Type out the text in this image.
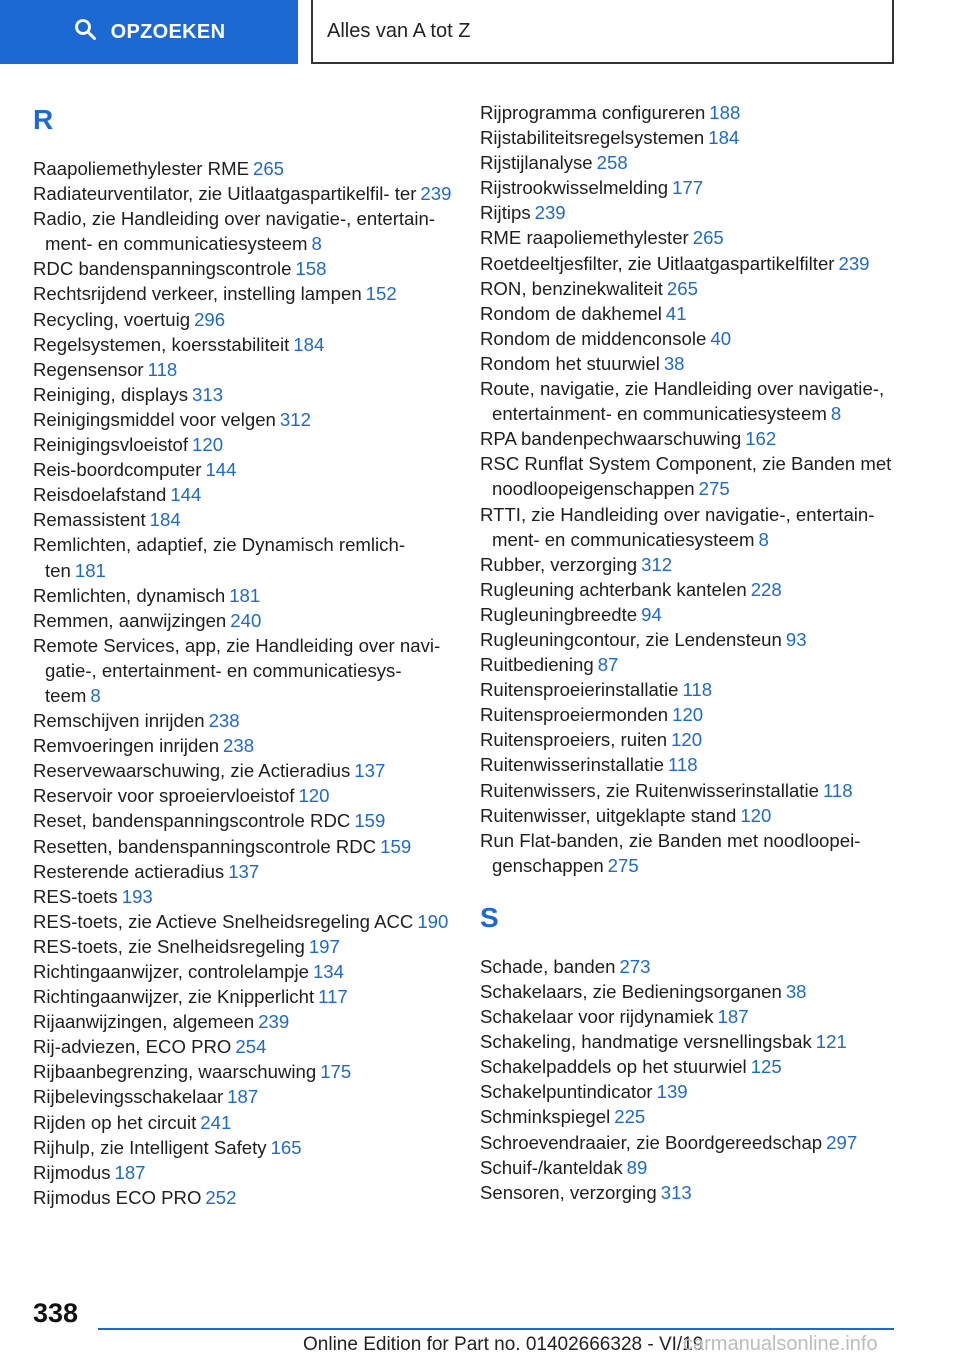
OPZOEKEN	Alles van A tot Z
R
Raapoliemethylester RME 265
Radiateurventilator, zie Uitlaatgaspartikelfil‐ ter 239
Radio, zie Handleiding over navigatie-, entertain‐ ment- en communicatiesysteem 8
RDC bandenspanningscontrole 158
Rechtsrijdend verkeer, instelling lampen 152
Recycling, voertuig 296
Regelsystemen, koersstabiliteit 184
Regensensor 118
Reiniging, displays 313
Reinigingsmiddel voor velgen 312
Reinigingsvloeistof 120
Reis-boordcomputer 144
Reisdoelafstand 144
Remassistent 184
Remlichten, adaptief, zie Dynamisch remlich‐ ten 181
Remlichten, dynamisch 181
Remmen, aanwijzingen 240
Remote Services, app, zie Handleiding over navi‐ gatie-, entertainment- en communicatiesys‐ teem 8
Remschijven inrijden 238
Remvoeringen inrijden 238
Reservewaarschuwing, zie Actieradius 137
Reservoir voor sproeiervloeistof 120
Reset, bandenspanningscontrole RDC 159
Resetten, bandenspanningscontrole RDC 159
Resterende actieradius 137
RES-toets 193
RES-toets, zie Actieve Snelheidsregeling ACC 190
RES-toets, zie Snelheidsregeling 197
Richtingaanwijzer, controlelampje 134
Richtingaanwijzer, zie Knipperlicht 117
Rijaanwijzingen, algemeen 239
Rij-adviezen, ECO PRO 254
Rijbaanbegrenzing, waarschuwing 175
Rijbelevingsschakelaar 187
Rijden op het circuit 241
Rijhulp, zie Intelligent Safety 165
Rijmodus 187
Rijmodus ECO PRO 252
Rijprogramma configureren 188
Rijstabiliteitsregelsystemen 184
Rijstijlanalyse 258
Rijstrookwisselmelding 177
Rijtips 239
RME raapoliemethylester 265
Roetdeeltjesfilter, zie Uitlaatgaspartikelfilter 239
RON, benzinekwaliteit 265
Rondom de dakhemel 41
Rondom de middenconsole 40
Rondom het stuurwiel 38
Route, navigatie, zie Handleiding over navigatie-, entertainment- en communicatiesysteem 8
RPA bandenpechwaarschuwing 162
RSC Runflat System Component, zie Banden met noodloopeigenschappen 275
RTTI, zie Handleiding over navigatie-, entertain‐ ment- en communicatiesysteem 8
Rubber, verzorging 312
Rugleuning achterbank kantelen 228
Rugleuningbreedte 94
Rugleuningcontour, zie Lendensteun 93
Ruitbediening 87
Ruitensproeierinstallatie 118
Ruitensproeiermonden 120
Ruitensproeiers, ruiten 120
Ruitenwisserinstallatie 118
Ruitenwissers, zie Ruitenwisserinstallatie 118
Ruitenwisser, uitgeklapte stand 120
Run Flat-banden, zie Banden met noodloopei‐ genschappen 275
S
Schade, banden 273
Schakelaars, zie Bedieningsorganen 38
Schakelaar voor rijdynamiek 187
Schakeling, handmatige versnellingsbak 121
Schakelpaddels op het stuurwiel 125
Schakelpuntindicator 139
Schminkspiegel 225
Schroevendraaier, zie Boordgereedschap 297
Schuif-/kanteldak 89
Sensoren, verzorging 313
338
Online Edition for Part no. 01402666328 - VI/19
carmanualsonline.info
